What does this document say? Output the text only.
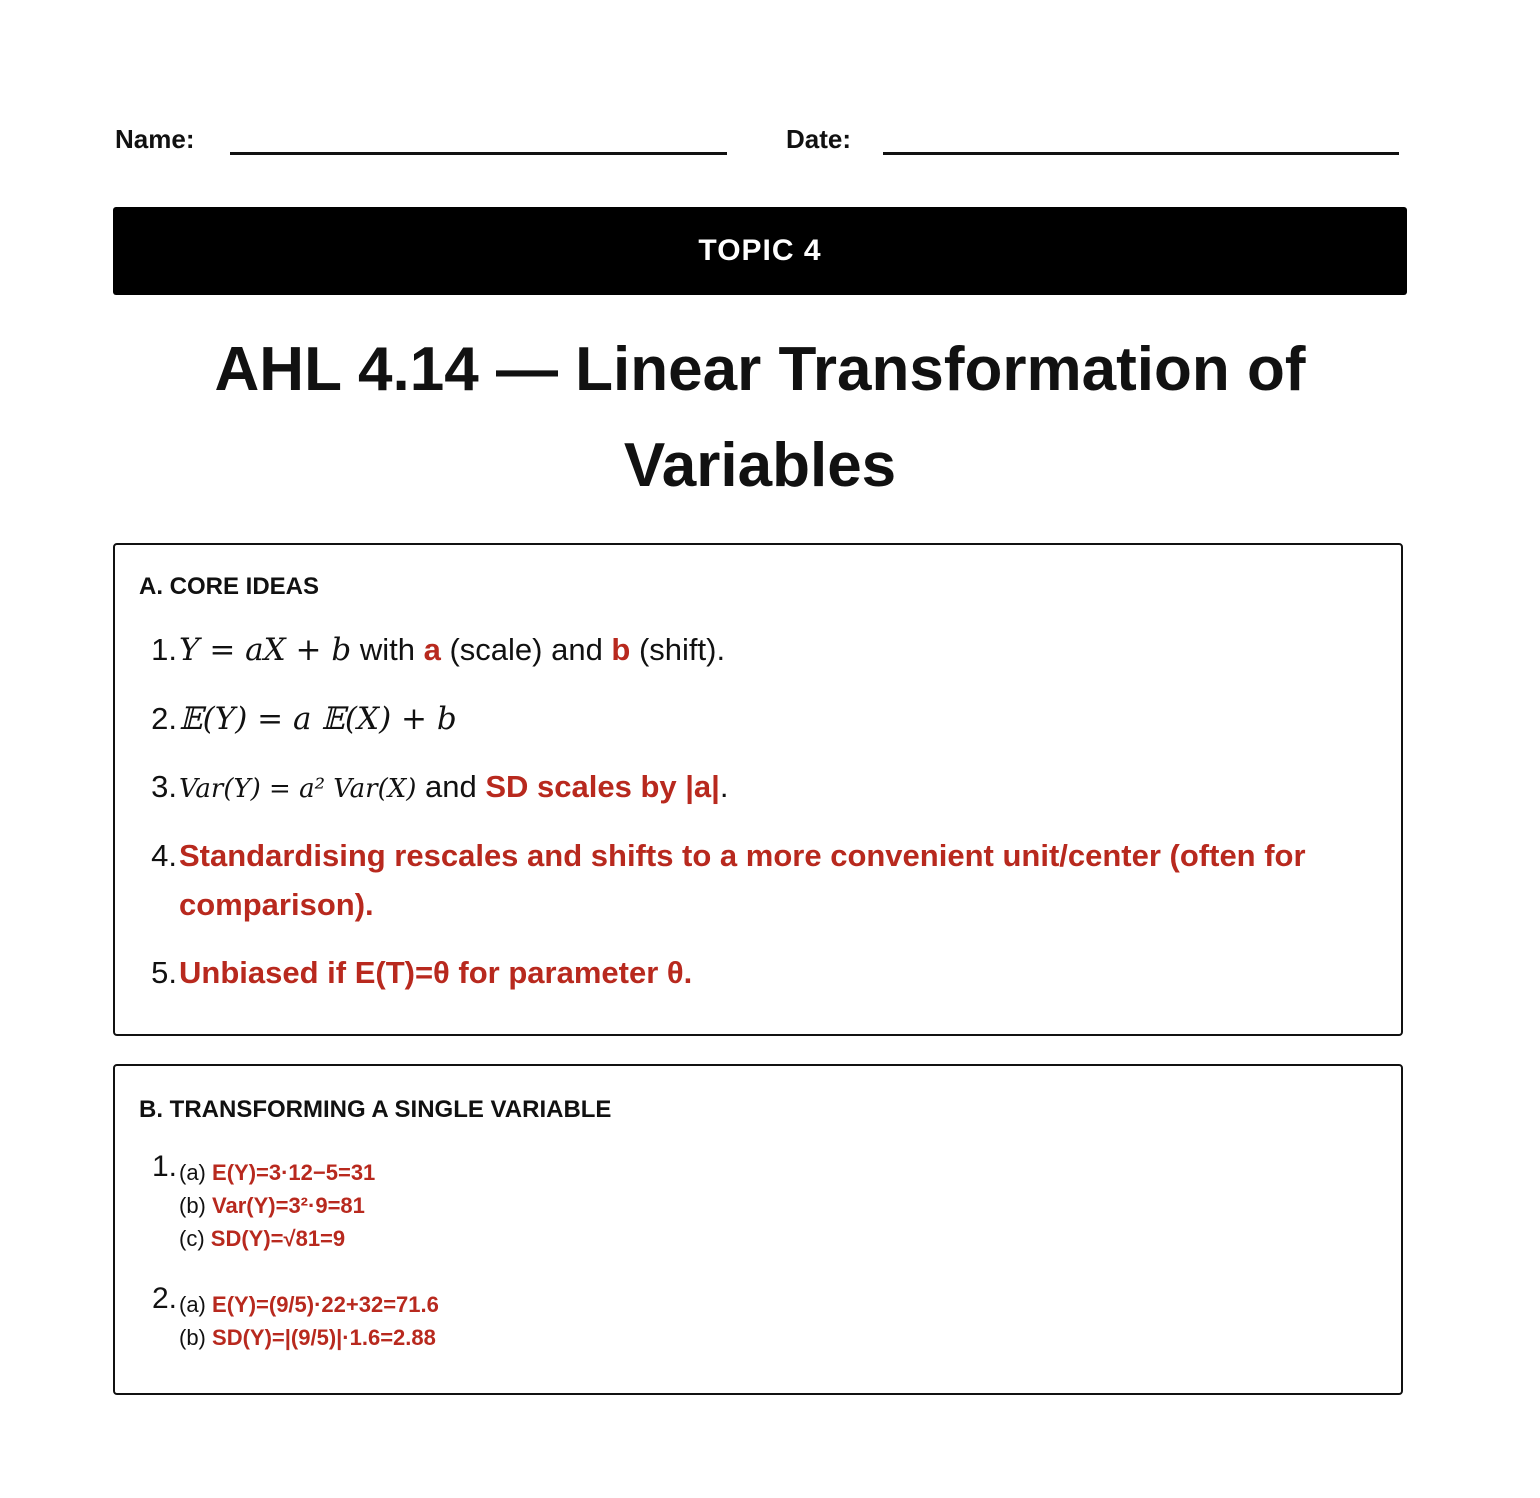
Name:	Date:
TOPIC 4
AHL 4.14 — Linear Transformation of Variables
A. CORE IDEAS
1. Y = aX + b with a (scale) and b (shift).
2. 𝔼(Y) = a 𝔼(X) + b
3. Var(Y) = a² Var(X) and SD scales by |a|.
4. Standardising rescales and shifts to a more convenient unit/center (often for comparison).
5. Unbiased if E(T)=θ for parameter θ.
B. TRANSFORMING A SINGLE VARIABLE
1. (a) E(Y)=3·12−5=31
(b) Var(Y)=3²·9=81
(c) SD(Y)=√81=9
2. (a) E(Y)=(9/5)·22+32=71.6
(b) SD(Y)=|(9/5)|·1.6=2.88
